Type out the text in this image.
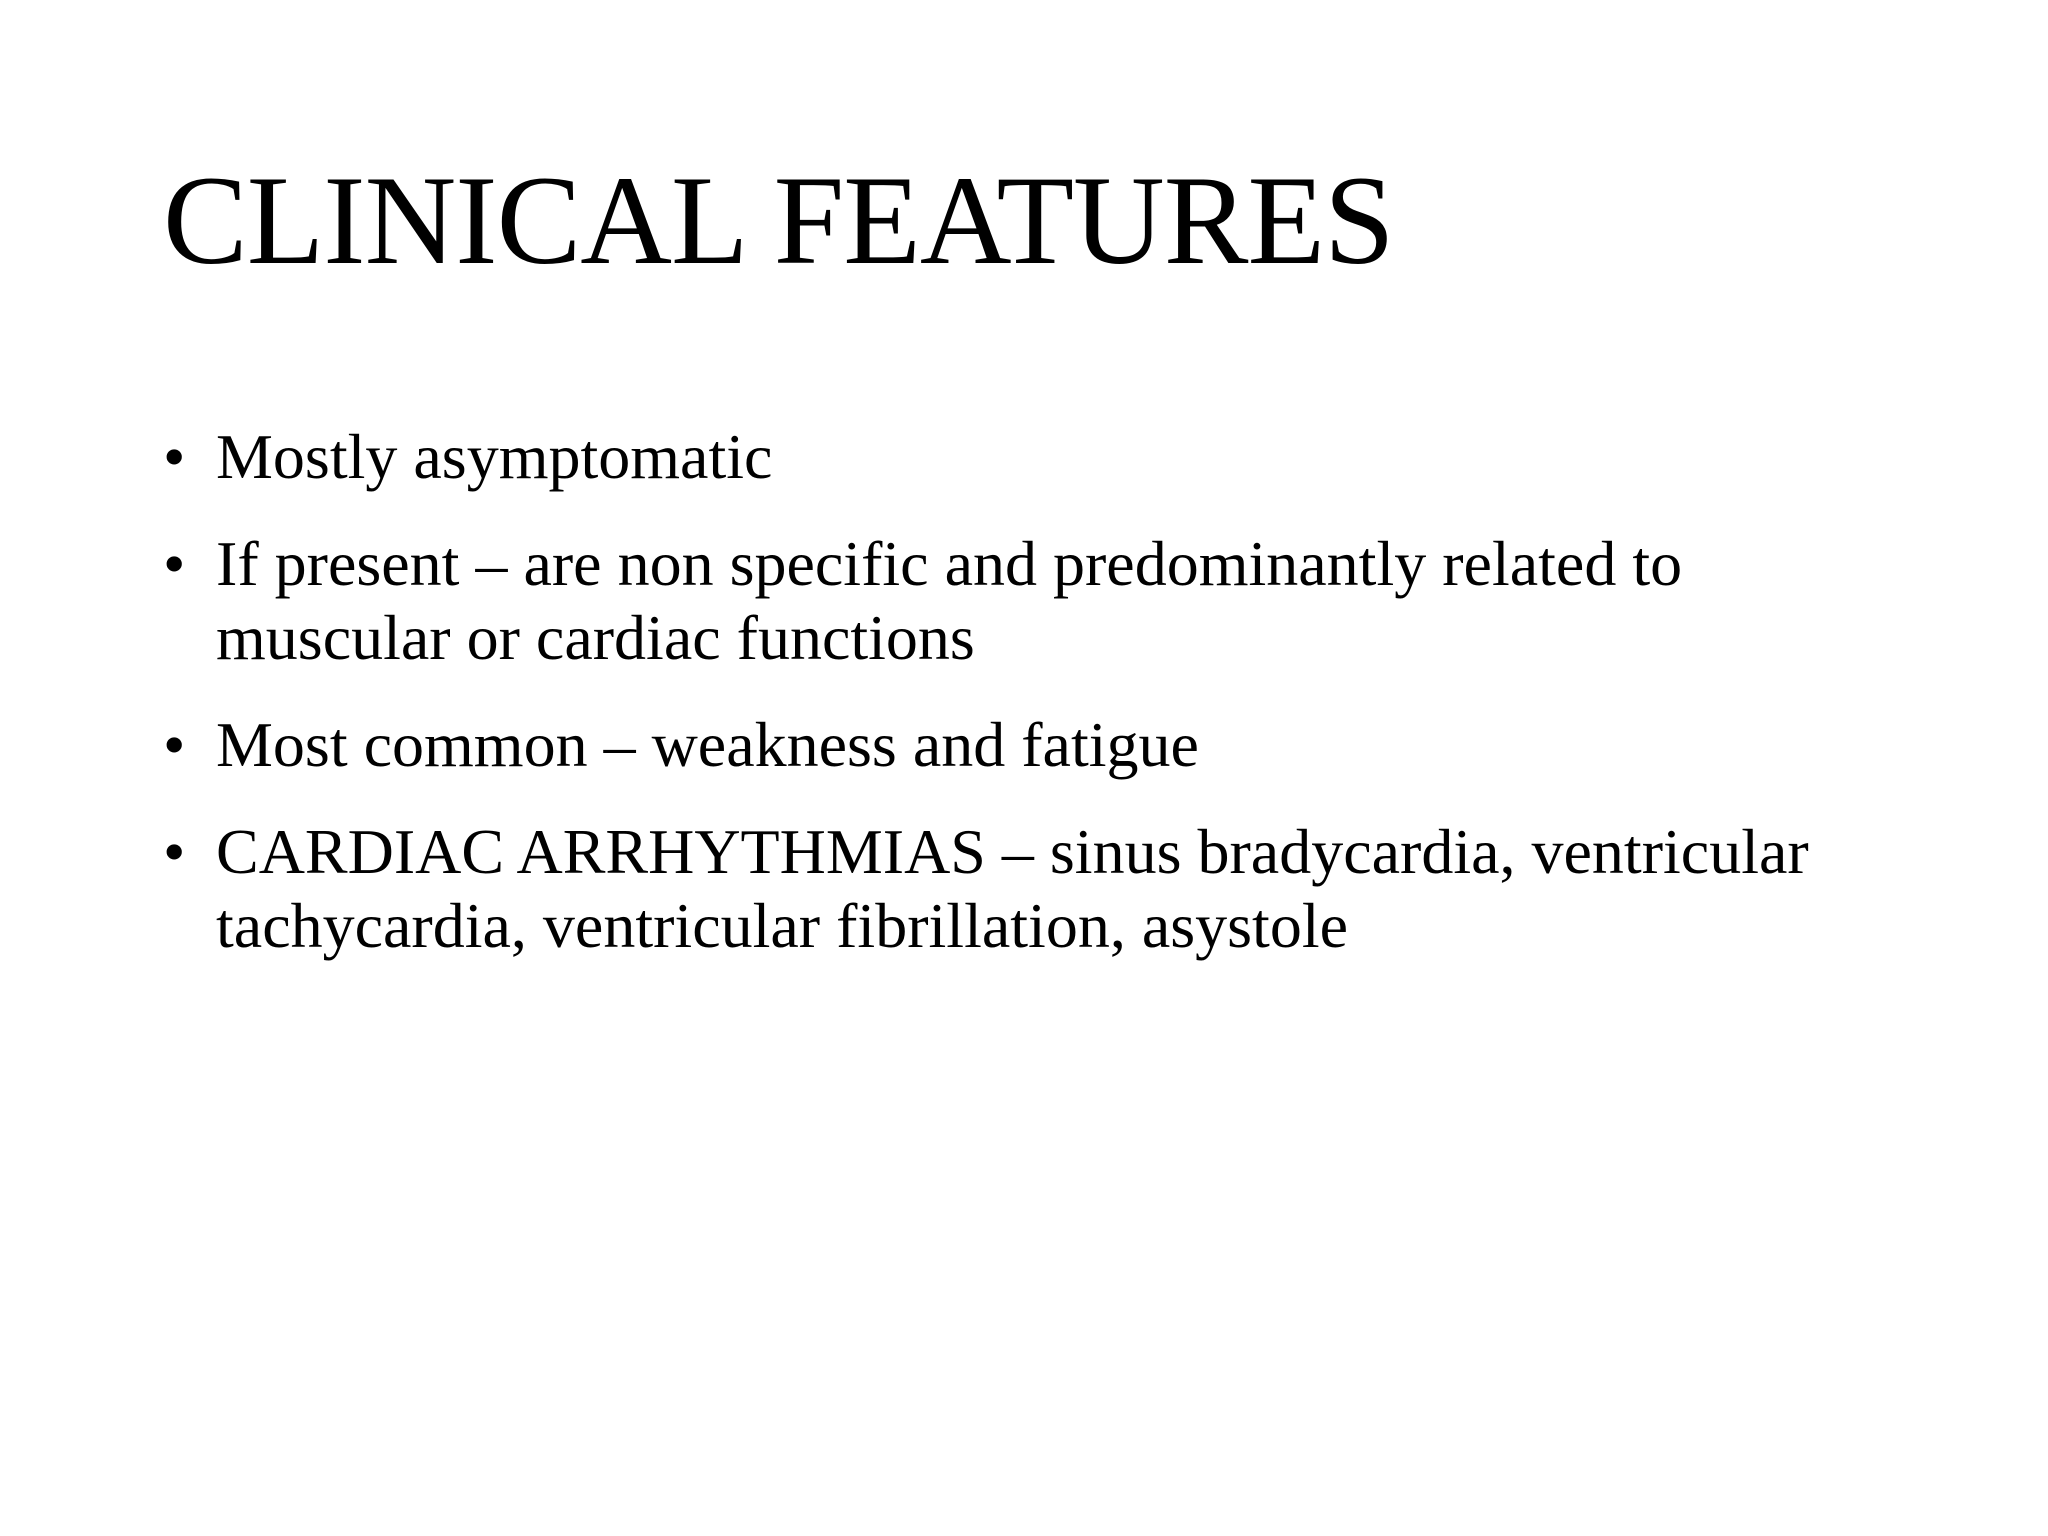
CLINICAL FEATURES
• Mostly asymptomatic
• If present – are non specific and predominantly related to muscular or cardiac functions
• Most common – weakness and fatigue
• CARDIAC ARRHYTHMIAS – sinus bradycardia, ventricular tachycardia, ventricular fibrillation, asystole
